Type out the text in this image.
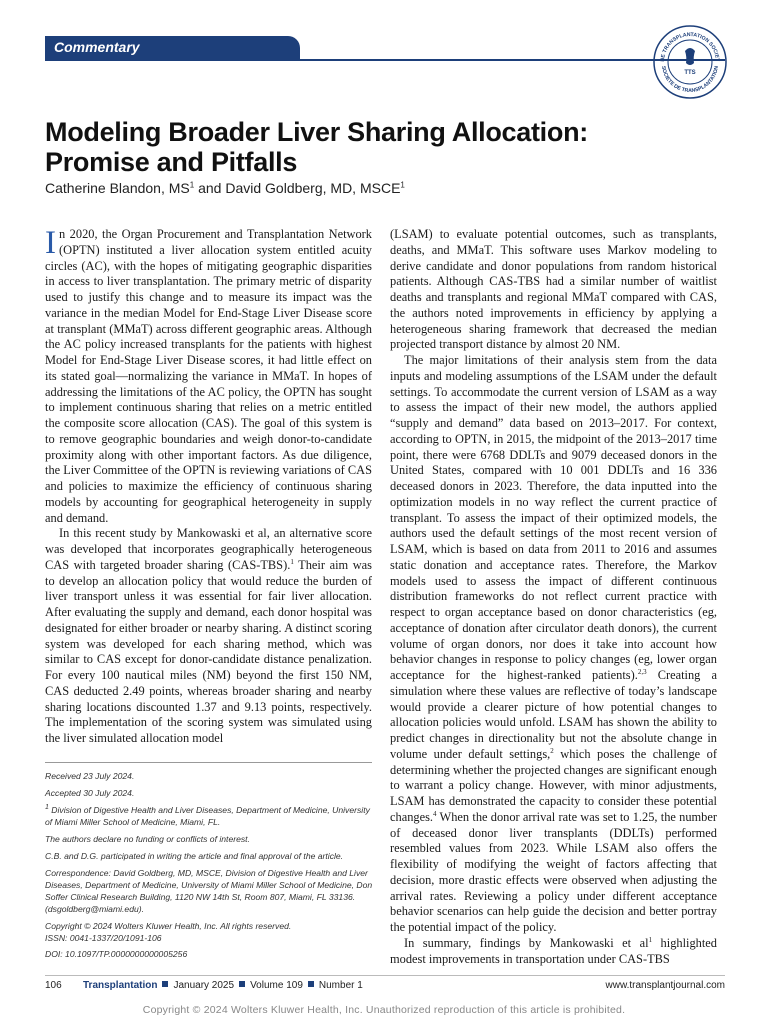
Commentary
HE TRANSPLANTATION SOCIET
SOCIETE DE TRANSPLANTATION
TTS
Modeling Broader Liver Sharing Allocation:
Promise and Pitfalls
Catherine Blandon, $MS^1$ and David Goldberg, MD, MSCE$^1$

In 2020, the Organ Procurement and Transplantation Network (OPTN) instituted a liver allocation system entitled acuity circles (AC), with the hopes of mitigating geographic disparities in access to liver transplantation. The primary metric of disparity used to justify this change and to measure its impact was the variance in the median Model for End-Stage Liver Disease score at transplant (MMaT) across different geographic areas. Although the AC policy increased transplants for the patients with highest Model for End-Stage Liver Disease scores, it had little effect on its stated goal—normalizing the variance in MMaT. In hopes of addressing the limitations of the AC policy, the OPTN has sought to implement continuous sharing that relies on a metric entitled the composite score allocation (CAS). The goal of this system is to remove geographic boundaries and weigh donor-to-candidate proximity along with other important factors. As due diligence, the Liver Committee of the OPTN is reviewing variations of CAS and policies to maximize the efficiency of continuous sharing models by accounting for geographical heterogeneity in supply and demand.

In this recent study by Mankowaski et al, an alternative score was developed that incorporates geographically heterogeneous CAS with targeted broader sharing (CAS-TBS).$^1$ Their aim was to develop an allocation policy that would reduce the burden of liver transport unless it was essential for fair liver allocation. After evaluating the supply and demand, each donor hospital was designated for either broader or nearby sharing. A distinct scoring system was developed for each sharing method, which was similar to CAS except for donor-candidate distance penalization. For every 100 nautical miles (NM) beyond the first 150 NM, CAS deducted 2.49 points, whereas broader sharing and nearby sharing locations discounted 1.37 and 9.13 points, respectively. The implementation of the scoring system was simulated using the liver simulated allocation model

(LSAM) to evaluate potential outcomes, such as transplants, deaths, and MMaT. This software uses Markov modeling to derive candidate and donor populations from random historical patients. Although CAS-TBS had a similar number of waitlist deaths and transplants and regional MMaT compared with CAS, the authors noted improvements in efficiency by applying a heterogeneous sharing framework that decreased the median projected transport distance by almost 20 NM.

The major limitations of their analysis stem from the data inputs and modeling assumptions of the LSAM under the default settings. To accommodate the current version of LSAM as a way to assess the impact of their new model, the authors applied “supply and demand” data based on 2013–2017. For context, according to OPTN, in 2015, the midpoint of the 2013–2017 time point, there were 6768 DDLTs and 9079 deceased donors in the United States, compared with 10 001 DDLTs and 16 336 deceased donors in 2023. Therefore, the data inputted into the optimization models in no way reflect the current practice of transplant. To assess the impact of their optimized models, the authors used the default settings of the most recent version of LSAM, which is based on data from 2011 to 2016 and assumes static donation and acceptance rates. Therefore, the Markov models used to assess the impact of different continuous distribution frameworks do not reflect current practice with respect to organ acceptance based on donor characteristics (eg, acceptance of donation after circulator death donors), the current volume of organ donors, nor does it take into account how behavior changes in response to policy changes (eg, lower organ acceptance for the highest-ranked patients).$^{2,3}$ Creating a simulation where these values are reflective of today’s landscape would provide a clearer picture of how potential changes to allocation policies would unfold. LSAM has shown the ability to predict changes in directionality but not the absolute change in volume under default settings,$^2$ which poses the challenge of determining whether the projected changes are significant enough to warrant a policy change. However, with minor adjustments, LSAM has demonstrated the capacity to consider these potential changes.$^4$ When the donor arrival rate was set to 1.25, the number of deceased donor liver transplants (DDLTs) performed resembled values from 2023. While LSAM also offers the flexibility of modifying the weight of factors affecting that decision, more drastic effects were observed when adjusting the arrival rates. Reviewing a policy under different acceptance behavior scenarios can help guide the decision and better portray the potential impact of the policy.

In summary, findings by Mankowaski et $al^1$ highlighted modest improvements in transportation under CAS-TBS

Received 23 July 2024.
Accepted 30 July 2024.
$^1$ Division of Digestive Health and Liver Diseases, Department of Medicine, University of Miami Miller School of Medicine, Miami, FL.
The authors declare no funding or conflicts of interest.
C.B. and D.G. participated in writing the article and final approval of the article.
Correspondence: David Goldberg, MD, MSCE, Division of Digestive Health and Liver Diseases, Department of Medicine, University of Miami Miller School of Medicine, Don Soffer Clinical Research Building, 1120 NW 14th St, Room 807, Miami, FL 33136. (dsgoldberg@miami.edu).
Copyright © 2024 Wolters Kluwer Health, Inc. All rights reserved.
ISSN: 0041-1337/20/1091-106
DOI: 10.1097/TP.0000000000005256
106 Transplantation January 2025 Volume 109 Number 1	www.transplantjournal.com
Copyright © 2024 Wolters Kluwer Health, Inc. Unauthorized reproduction of this article is prohibited.
